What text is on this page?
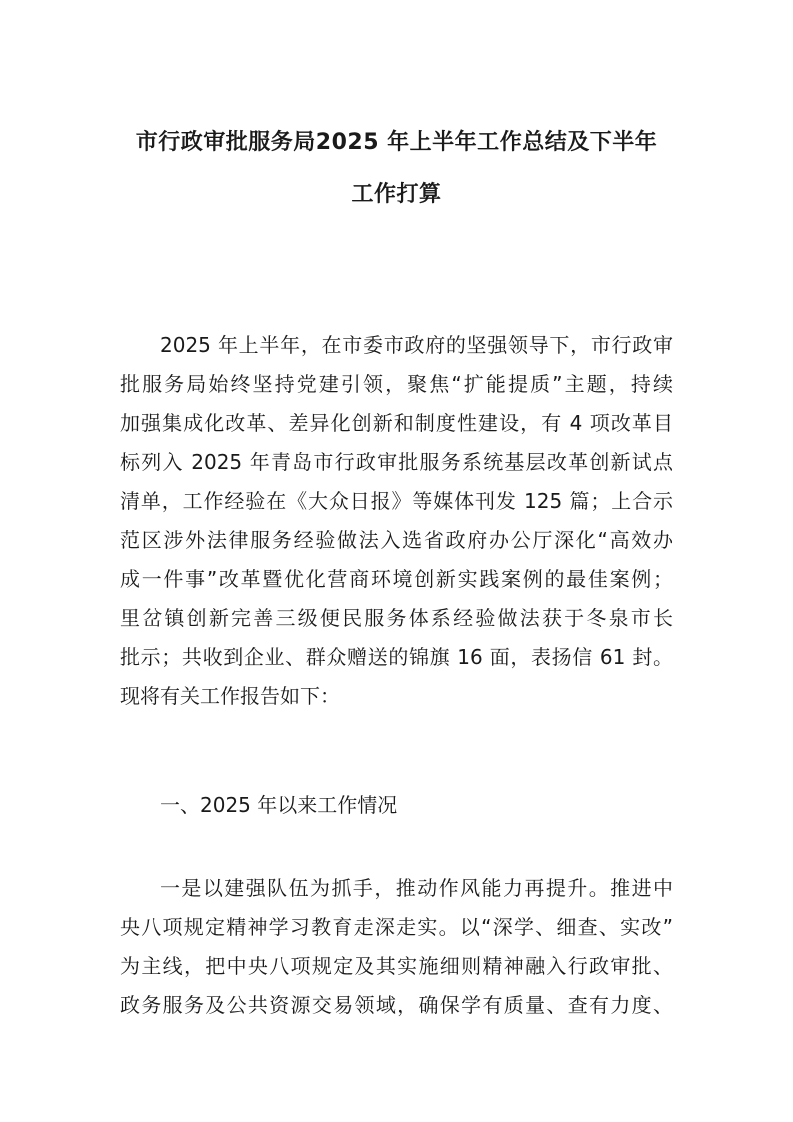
市行政审批服务局2025 年上半年工作总结及下半年
工作打算
2025 年上半年，在市委市政府的坚强领导下，市行政审
批服务局始终坚持党建引领，聚焦“扩能提质”主题，持续
加强集成化改革、差异化创新和制度性建设，有 4 项改革目
标列入 2025 年青岛市行政审批服务系统基层改革创新试点
清单，工作经验在《大众日报》等媒体刊发 125 篇；上合示
范区涉外法律服务经验做法入选省政府办公厅深化“高效办
成一件事”改革暨优化营商环境创新实践案例的最佳案例；
里岔镇创新完善三级便民服务体系经验做法获于冬泉市长
批示；共收到企业、群众赠送的锦旗 16 面，表扬信 61 封。
现将有关工作报告如下：
一、2025 年以来工作情况
一是以建强队伍为抓手，推动作风能力再提升。推进中
央八项规定精神学习教育走深走实。以“深学、细查、实改”
为主线，把中央八项规定及其实施细则精神融入行政审批、
政务服务及公共资源交易领域，确保学有质量、查有力度、
